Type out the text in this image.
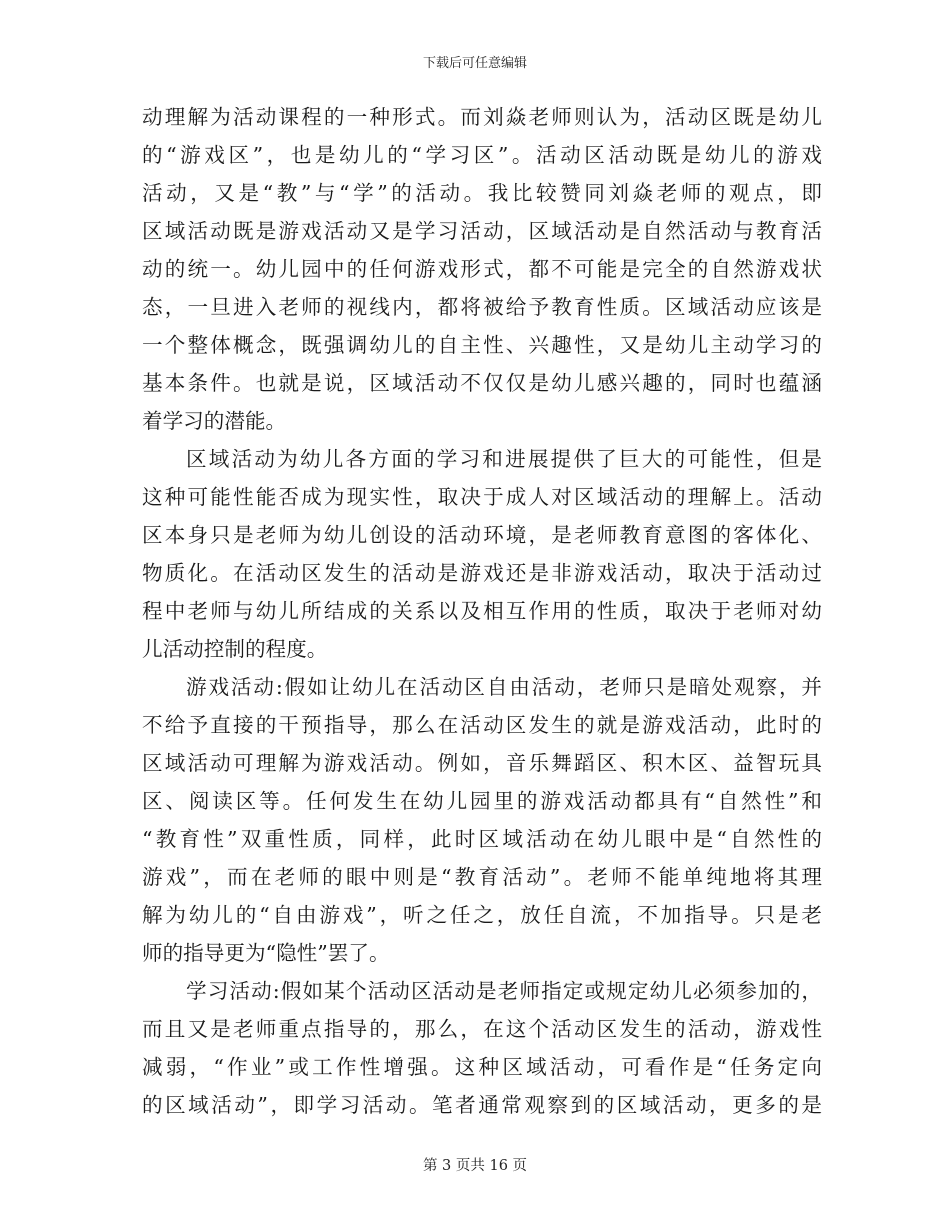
下载后可任意编辑
动理解为活动课程的一种形式。而刘焱老师则认为，活动区既是幼儿
的“游戏区”，也是幼儿的“学习区”。活动区活动既是幼儿的游戏
活动，又是“教”与“学”的活动。我比较赞同刘焱老师的观点，即
区域活动既是游戏活动又是学习活动，区域活动是自然活动与教育活
动的统一。幼儿园中的任何游戏形式，都不可能是完全的自然游戏状
态，一旦进入老师的视线内，都将被给予教育性质。区域活动应该是
一个整体概念，既强调幼儿的自主性、兴趣性，又是幼儿主动学习的
基本条件。也就是说，区域活动不仅仅是幼儿感兴趣的，同时也蕴涵
着学习的潜能。
区域活动为幼儿各方面的学习和进展提供了巨大的可能性，但是
这种可能性能否成为现实性，取决于成人对区域活动的理解上。活动
区本身只是老师为幼儿创设的活动环境，是老师教育意图的客体化、
物质化。在活动区发生的活动是游戏还是非游戏活动，取决于活动过
程中老师与幼儿所结成的关系以及相互作用的性质，取决于老师对幼
儿活动控制的程度。
游戏活动:假如让幼儿在活动区自由活动，老师只是暗处观察，并
不给予直接的干预指导，那么在活动区发生的就是游戏活动，此时的
区域活动可理解为游戏活动。例如，音乐舞蹈区、积木区、益智玩具
区、阅读区等。任何发生在幼儿园里的游戏活动都具有“自然性”和
“教育性”双重性质，同样，此时区域活动在幼儿眼中是“自然性的
游戏”，而在老师的眼中则是“教育活动”。老师不能单纯地将其理
解为幼儿的“自由游戏”，听之任之，放任自流，不加指导。只是老
师的指导更为“隐性”罢了。
学习活动:假如某个活动区活动是老师指定或规定幼儿必须参加的，
而且又是老师重点指导的，那么，在这个活动区发生的活动，游戏性
减弱，“作业”或工作性增强。这种区域活动，可看作是“任务定向
的区域活动”，即学习活动。笔者通常观察到的区域活动，更多的是
第 3 页共 16 页
